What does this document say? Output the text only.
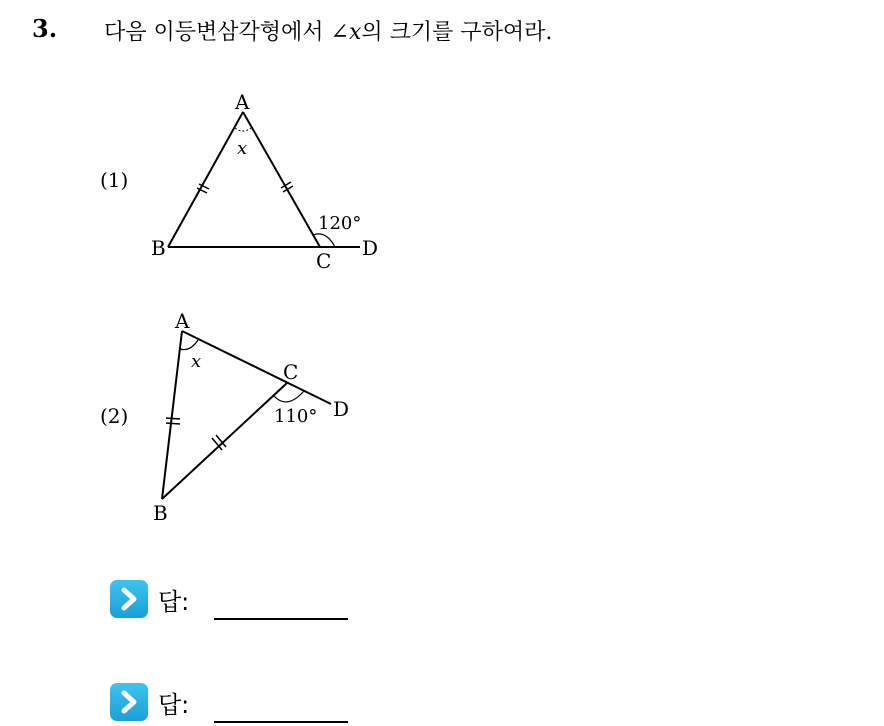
3. 다음 이등변삼각형에서 ∠x의 크기를 구하여라.
(1)
A
B
C
D
x
120°
(2)
A
B
C
D
x
110°
답:
답:
